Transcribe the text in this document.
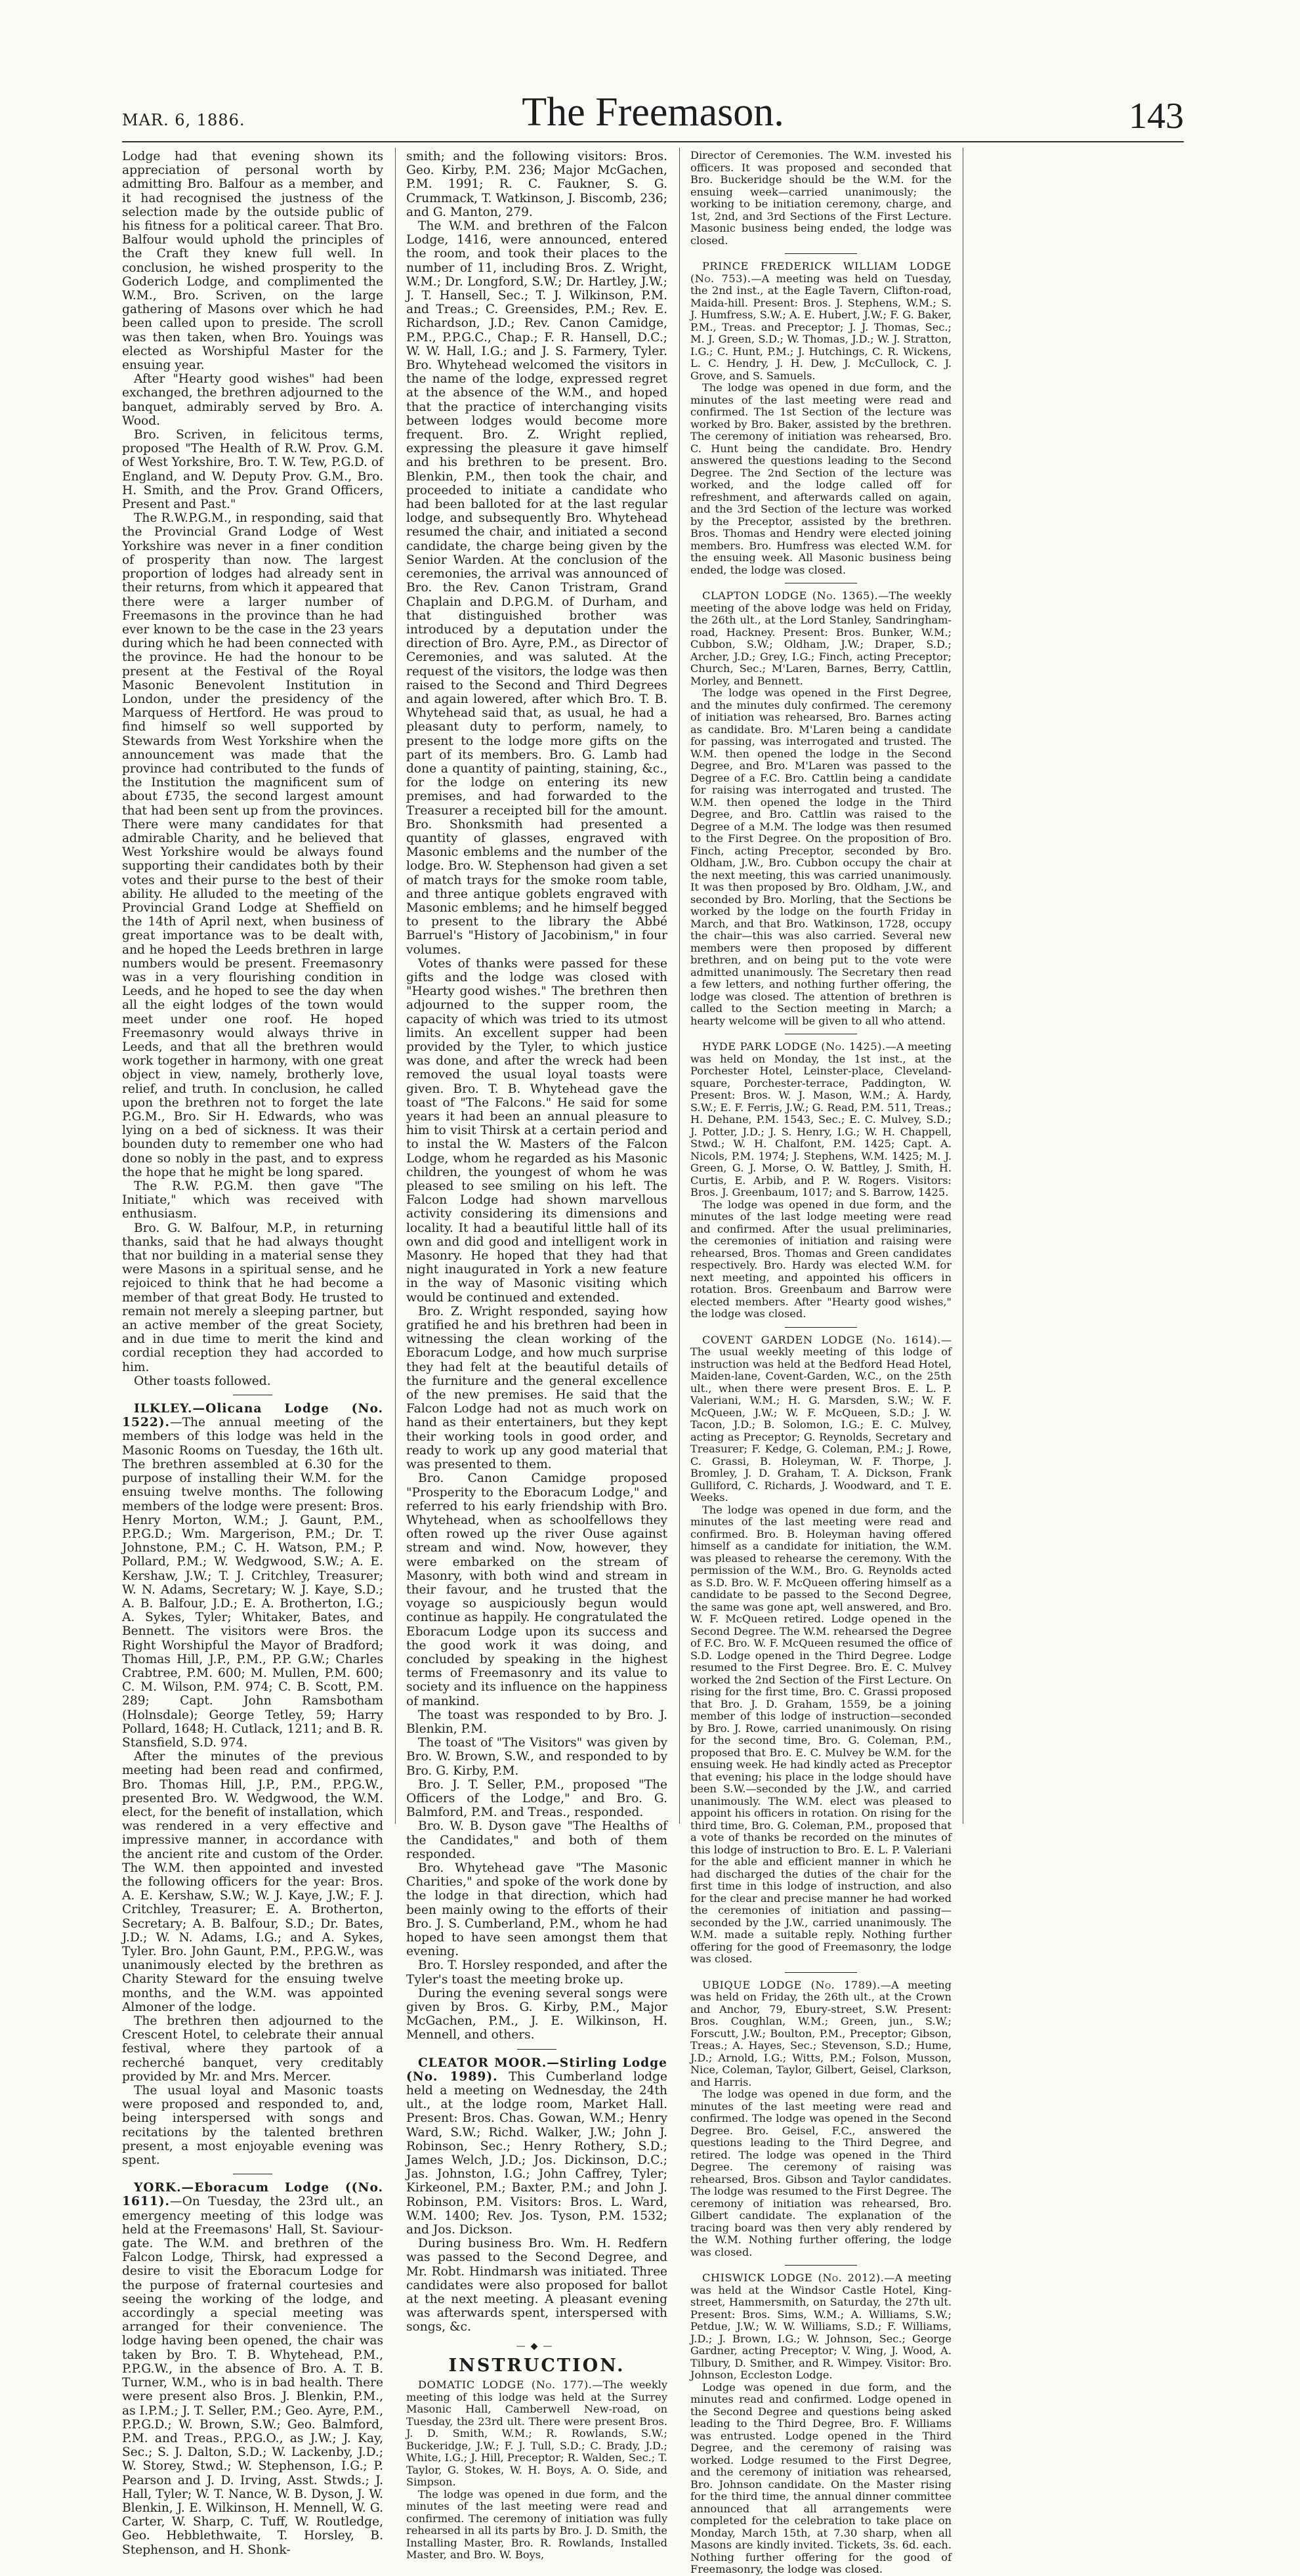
MAR. 6, 1886.	The Freemason.	143

Lodge had that evening shown its appreciation of personal worth by admitting Bro. Balfour as a member, and it had recognised the justness of the selection made by the outside public of his fitness for a political career. That Bro. Balfour would uphold the principles of the Craft they knew full well. In conclusion, he wished prosperity to the Goderich Lodge, and complimented the W.M., Bro. Scriven, on the large gathering of Masons over which he had been called upon to preside. The scroll was then taken, when Bro. Youings was elected as Worshipful Master for the ensuing year.

After "Hearty good wishes" had been exchanged, the brethren adjourned to the banquet, admirably served by Bro. A. Wood.

Bro. Scriven, in felicitous terms, proposed "The Health of R.W. Prov. G.M. of West Yorkshire, Bro. T. W. Tew, P.G.D. of England, and W. Deputy Prov. G.M., Bro. H. Smith, and the Prov. Grand Officers, Present and Past."

The R.W.P.G.M., in responding, said that the Provincial Grand Lodge of West Yorkshire was never in a finer condition of prosperity than now. The largest proportion of lodges had already sent in their returns, from which it appeared that there were a larger number of Freemasons in the province than he had ever known to be the case in the 23 years during which he had been connected with the province. He had the honour to be present at the Festival of the Royal Masonic Benevolent Institution in London, under the presidency of the Marquess of Hertford. He was proud to find himself so well supported by Stewards from West Yorkshire when the announcement was made that the province had contributed to the funds of the Institution the magnificent sum of about £735, the second largest amount that had been sent up from the provinces. There were many candidates for that admirable Charity, and he believed that West Yorkshire would be always found supporting their candidates both by their votes and their purse to the best of their ability. He alluded to the meeting of the Provincial Grand Lodge at Sheffield on the 14th of April next, when business of great importance was to be dealt with, and he hoped the Leeds brethren in large numbers would be present. Freemasonry was in a very flourishing condition in Leeds, and he hoped to see the day when all the eight lodges of the town would meet under one roof. He hoped Freemasonry would always thrive in Leeds, and that all the brethren would work together in harmony, with one great object in view, namely, brotherly love, relief, and truth. In conclusion, he called upon the brethren not to forget the late P.G.M., Bro. Sir H. Edwards, who was lying on a bed of sickness. It was their bounden duty to remember one who had done so nobly in the past, and to express the hope that he might be long spared.

The R.W. P.G.M. then gave "The Initiate," which was received with enthusiasm.

Bro. G. W. Balfour, M.P., in returning thanks, said that he had always thought that nor building in a material sense they were Masons in a spiritual sense, and he rejoiced to think that he had become a member of that great Body. He trusted to remain not merely a sleeping partner, but an active member of the great Society, and in due time to merit the kind and cordial reception they had accorded to him.

Other toasts followed.

ILKLEY.—Olicana Lodge (No. 1522).—The annual meeting of the members of this lodge was held in the Masonic Rooms on Tuesday, the 16th ult. The brethren assembled at 6.30 for the purpose of installing their W.M. for the ensuing twelve months. The following members of the lodge were present: Bros. Henry Morton, W.M.; J. Gaunt, P.M., P.P.G.D.; Wm. Margerison, P.M.; Dr. T. Johnstone, P.M.; C. H. Watson, P.M.; P. Pollard, P.M.; W. Wedgwood, S.W.; A. E. Kershaw, J.W.; T. J. Critchley, Treasurer; W. N. Adams, Secretary; W. J. Kaye, S.D.; A. B. Balfour, J.D.; E. A. Brotherton, I.G.; A. Sykes, Tyler; Whitaker, Bates, and Bennett. The visitors were Bros. the Right Worshipful the Mayor of Bradford; Thomas Hill, J.P., P.M., P.P. G.W.; Charles Crabtree, P.M. 600; M. Mullen, P.M. 600; C. M. Wilson, P.M. 974; C. B. Scott, P.M. 289; Capt. John Ramsbotham (Holnsdale); George Tetley, 59; Harry Pollard, 1648; H. Cutlack, 1211; and B. R. Stansfield, S.D. 974.

After the minutes of the previous meeting had been read and confirmed, Bro. Thomas Hill, J.P., P.M., P.P.G.W., presented Bro. W. Wedgwood, the W.M. elect, for the benefit of installation, which was rendered in a very effective and impressive manner, in accordance with the ancient rite and custom of the Order. The W.M. then appointed and invested the following officers for the year: Bros. A. E. Kershaw, S.W.; W. J. Kaye, J.W.; F. J. Critchley, Treasurer; E. A. Brotherton, Secretary; A. B. Balfour, S.D.; Dr. Bates, J.D.; W. N. Adams, I.G.; and A. Sykes, Tyler. Bro. John Gaunt, P.M., P.P.G.W., was unanimously elected by the brethren as Charity Steward for the ensuing twelve months, and the W.M. was appointed Almoner of the lodge.

The brethren then adjourned to the Crescent Hotel, to celebrate their annual festival, where they partook of a recherché banquet, very creditably provided by Mr. and Mrs. Mercer.

The usual loyal and Masonic toasts were proposed and responded to, and, being interspersed with songs and recitations by the talented brethren present, a most enjoyable evening was spent.

YORK.—Eboracum Lodge ((No. 1611).—On Tuesday, the 23rd ult., an emergency meeting of this lodge was held at the Freemasons' Hall, St. Saviour-gate. The W.M. and brethren of the Falcon Lodge, Thirsk, had expressed a desire to visit the Eboracum Lodge for the purpose of fraternal courtesies and seeing the working of the lodge, and accordingly a special meeting was arranged for their convenience. The lodge having been opened, the chair was taken by Bro. T. B. Whytehead, P.M., P.P.G.W., in the absence of Bro. A. T. B. Turner, W.M., who is in bad health. There were present also Bros. J. Blenkin, P.M., as I.P.M.; J. T. Seller, P.M.; Geo. Ayre, P.M., P.P.G.D.; W. Brown, S.W.; Geo. Balmford, P.M. and Treas., P.P.G.O., as J.W.; J. Kay, Sec.; S. J. Dalton, S.D.; W. Lackenby, J.D.; W. Storey, Stwd.; W. Stephenson, I.G.; P. Pearson and J. D. Irving, Asst. Stwds.; J. Hall, Tyler; W. T. Nance, W. B. Dyson, J. W. Blenkin, J. E. Wilkinson, H. Mennell, W. G. Carter, W. Sharp, C. Tuff, W. Routledge, Geo. Hebblethwaite, T. Horsley, B. Stephenson, and H. Shonk-

smith; and the following visitors: Bros. Geo. Kirby, P.M. 236; Major McGachen, P.M. 1991; R. C. Faukner, S. G. Crummack, T. Watkinson, J. Biscomb, 236; and G. Manton, 279.

The W.M. and brethren of the Falcon Lodge, 1416, were announced, entered the room, and took their places to the number of 11, including Bros. Z. Wright, W.M.; Dr. Longford, S.W.; Dr. Hartley, J.W.; J. T. Hansell, Sec.; T. J. Wilkinson, P.M. and Treas.; C. Greensides, P.M.; Rev. E. Richardson, J.D.; Rev. Canon Camidge, P.M., P.P.G.C., Chap.; F. R. Hansell, D.C.; W. W. Hall, I.G.; and J. S. Farmery, Tyler. Bro. Whytehead welcomed the visitors in the name of the lodge, expressed regret at the absence of the W.M., and hoped that the practice of interchanging visits between lodges would become more frequent. Bro. Z. Wright replied, expressing the pleasure it gave himself and his brethren to be present. Bro. Blenkin, P.M., then took the chair, and proceeded to initiate a candidate who had been balloted for at the last regular lodge, and subsequently Bro. Whytehead resumed the chair, and initiated a second candidate, the charge being given by the Senior Warden. At the conclusion of the ceremonies, the arrival was announced of Bro. the Rev. Canon Tristram, Grand Chaplain and D.P.G.M. of Durham, and that distinguished brother was introduced by a deputation under the direction of Bro. Ayre, P.M., as Director of Ceremonies, and was saluted. At the request of the visitors, the lodge was then raised to the Second and Third Degrees and again lowered, after which Bro. T. B. Whytehead said that, as usual, he had a pleasant duty to perform, namely, to present to the lodge more gifts on the part of its members. Bro. G. Lamb had done a quantity of painting, staining, &c., for the lodge on entering its new premises, and had forwarded to the Treasurer a receipted bill for the amount. Bro. Shonksmith had presented a quantity of glasses, engraved with Masonic emblems and the number of the lodge. Bro. W. Stephenson had given a set of match trays for the smoke room table, and three antique goblets engraved with Masonic emblems; and he himself begged to present to the library the Abbé Barruel's "History of Jacobinism," in four volumes.

Votes of thanks were passed for these gifts and the lodge was closed with "Hearty good wishes." The brethren then adjourned to the supper room, the capacity of which was tried to its utmost limits. An excellent supper had been provided by the Tyler, to which justice was done, and after the wreck had been removed the usual loyal toasts were given. Bro. T. B. Whytehead gave the toast of "The Falcons." He said for some years it had been an annual pleasure to him to visit Thirsk at a certain period and to instal the W. Masters of the Falcon Lodge, whom he regarded as his Masonic children, the youngest of whom he was pleased to see smiling on his left. The Falcon Lodge had shown marvellous activity considering its dimensions and locality. It had a beautiful little hall of its own and did good and intelligent work in Masonry. He hoped that they had that night inaugurated in York a new feature in the way of Masonic visiting which would be continued and extended.

Bro. Z. Wright responded, saying how gratified he and his brethren had been in witnessing the clean working of the Eboracum Lodge, and how much surprise they had felt at the beautiful details of the furniture and the general excellence of the new premises. He said that the Falcon Lodge had not as much work on hand as their entertainers, but they kept their working tools in good order, and ready to work up any good material that was presented to them.

Bro. Canon Camidge proposed "Prosperity to the Eboracum Lodge," and referred to his early friendship with Bro. Whytehead, when as schoolfellows they often rowed up the river Ouse against stream and wind. Now, however, they were embarked on the stream of Masonry, with both wind and stream in their favour, and he trusted that the voyage so auspiciously begun would continue as happily. He congratulated the Eboracum Lodge upon its success and the good work it was doing, and concluded by speaking in the highest terms of Freemasonry and its value to society and its influence on the happiness of mankind.

The toast was responded to by Bro. J. Blenkin, P.M.

The toast of "The Visitors" was given by Bro. W. Brown, S.W., and responded to by Bro. G. Kirby, P.M.

Bro. J. T. Seller, P.M., proposed "The Officers of the Lodge," and Bro. G. Balmford, P.M. and Treas., responded.

Bro. W. B. Dyson gave "The Healths of the Candidates," and both of them responded.

Bro. Whytehead gave "The Masonic Charities," and spoke of the work done by the lodge in that direction, which had been mainly owing to the efforts of their Bro. J. S. Cumberland, P.M., whom he had hoped to have seen amongst them that evening.

Bro. T. Horsley responded, and after the Tyler's toast the meeting broke up.

During the evening several songs were given by Bros. G. Kirby, P.M., Major McGachen, P.M., J. E. Wilkinson, H. Mennell, and others.

CLEATOR MOOR.—Stirling Lodge (No. 1989). This Cumberland lodge held a meeting on Wednesday, the 24th ult., at the lodge room, Market Hall. Present: Bros. Chas. Gowan, W.M.; Henry Ward, S.W.; Richd. Walker, J.W.; John J. Robinson, Sec.; Henry Rothery, S.D.; James Welch, J.D.; Jos. Dickinson, D.C.; Jas. Johnston, I.G.; John Caffrey, Tyler; Kirkeonel, P.M.; Baxter, P.M.; and John J. Robinson, P.M. Visitors: Bros. L. Ward, W.M. 1400; Rev. Jos. Tyson, P.M. 1532; and Jos. Dickson.

During business Bro. Wm. H. Redfern was passed to the Second Degree, and Mr. Robt. Hindmarsh was initiated. Three candidates were also proposed for ballot at the next meeting. A pleasant evening was afterwards spent, interspersed with songs, &c.

—◆—
INSTRUCTION.

DOMATIC LODGE (No. 177).—The weekly meeting of this lodge was held at the Surrey Masonic Hall, Camberwell New-road, on Tuesday, the 23rd ult. There were present Bros. J. D. Smith, W.M.; R. Rowlands, S.W.; Buckeridge, J.W.; F. J. Tull, S.D.; C. Brady, J.D.; White, I.G.; J. Hill, Preceptor; R. Walden, Sec.; T. Taylor, G. Stokes, W. H. Boys, A. O. Side, and Simpson.

The lodge was opened in due form, and the minutes of the last meeting were read and confirmed. The ceremony of initiation was fully rehearsed in all its parts by Bro. J. D. Smith, the Installing Master, Bro. R. Rowlands, Installed Master, and Bro. W. Boys,

Director of Ceremonies. The W.M. invested his officers. It was proposed and seconded that Bro. Buckeridge should be the W.M. for the ensuing week—carried unanimously; the working to be initiation ceremony, charge, and 1st, 2nd, and 3rd Sections of the First Lecture. Masonic business being ended, the lodge was closed.

PRINCE FREDERICK WILLIAM LODGE (No. 753).—A meeting was held on Tuesday, the 2nd inst., at the Eagle Tavern, Clifton-road, Maida-hill. Present: Bros. J. Stephens, W.M.; S. J. Humfress, S.W.; A. E. Hubert, J.W.; F. G. Baker, P.M., Treas. and Preceptor; J. J. Thomas, Sec.; M. J. Green, S.D.; W. Thomas, J.D.; W. J. Stratton, I.G.; C. Hunt, P.M.; J. Hutchings, C. R. Wickens, L. C. Hendry, J. H. Dew, J. McCullock, C. J. Grove, and S. Samuels.

The lodge was opened in due form, and the minutes of the last meeting were read and confirmed. The 1st Section of the lecture was worked by Bro. Baker, assisted by the brethren. The ceremony of initiation was rehearsed, Bro. C. Hunt being the candidate. Bro. Hendry answered the questions leading to the Second Degree. The 2nd Section of the lecture was worked, and the lodge called off for refreshment, and afterwards called on again, and the 3rd Section of the lecture was worked by the Preceptor, assisted by the brethren. Bros. Thomas and Hendry were elected joining members. Bro. Humfress was elected W.M. for the ensuing week. All Masonic business being ended, the lodge was closed.

CLAPTON LODGE (No. 1365).—The weekly meeting of the above lodge was held on Friday, the 26th ult., at the Lord Stanley, Sandringham-road, Hackney. Present: Bros. Bunker, W.M.; Cubbon, S.W.; Oldham, J.W.; Draper, S.D.; Archer, J.D.; Grey, I.G.; Finch, acting Preceptor; Church, Sec.; M'Laren, Barnes, Berry, Cattlin, Morley, and Bennett.

The lodge was opened in the First Degree, and the minutes duly confirmed. The ceremony of initiation was rehearsed, Bro. Barnes acting as candidate. Bro. M'Laren being a candidate for passing, was interrogated and trusted. The W.M. then opened the lodge in the Second Degree, and Bro. M'Laren was passed to the Degree of a F.C. Bro. Cattlin being a candidate for raising was interrogated and trusted. The W.M. then opened the lodge in the Third Degree, and Bro. Cattlin was raised to the Degree of a M.M. The lodge was then resumed to the First Degree. On the proposition of Bro. Finch, acting Preceptor, seconded by Bro. Oldham, J.W., Bro. Cubbon occupy the chair at the next meeting, this was carried unanimously. It was then proposed by Bro. Oldham, J.W., and seconded by Bro. Morling, that the Sections be worked by the lodge on the fourth Friday in March, and that Bro. Watkinson, 1728, occupy the chair—this was also carried. Several new members were then proposed by different brethren, and on being put to the vote were admitted unanimously. The Secretary then read a few letters, and nothing further offering, the lodge was closed. The attention of brethren is called to the Section meeting in March; a hearty welcome will be given to all who attend.

HYDE PARK LODGE (No. 1425).—A meeting was held on Monday, the 1st inst., at the Porchester Hotel, Leinster-place, Cleveland-square, Porchester-terrace, Paddington, W. Present: Bros. W. J. Mason, W.M.; A. Hardy, S.W.; E. F. Ferris, J.W.; G. Read, P.M. 511, Treas.; H. Dehane, P.M. 1543, Sec.; E. C. Mulvey, S.D.; J. Potter, J.D.; J. S. Henry, I.G.; W. H. Chappell, Stwd.; W. H. Chalfont, P.M. 1425; Capt. A. Nicols, P.M. 1974; J. Stephens, W.M. 1425; M. J. Green, G. J. Morse, O. W. Battley, J. Smith, H. Curtis, E. Arbib, and P. W. Rogers. Visitors: Bros. J. Greenbaum, 1017; and S. Barrow, 1425.

The lodge was opened in due form, and the minutes of the last lodge meeting were read and confirmed. After the usual preliminaries, the ceremonies of initiation and raising were rehearsed, Bros. Thomas and Green candidates respectively. Bro. Hardy was elected W.M. for next meeting, and appointed his officers in rotation. Bros. Greenbaum and Barrow were elected members. After "Hearty good wishes," the lodge was closed.

COVENT GARDEN LODGE (No. 1614).—The usual weekly meeting of this lodge of instruction was held at the Bedford Head Hotel, Maiden-lane, Covent-Garden, W.C., on the 25th ult., when there were present Bros. E. L. P. Valeriani, W.M.; H. G. Marsden, S.W.; W. F. McQueen, J.W.; W. F. McQueen, S.D.; J. W. Tacon, J.D.; B. Solomon, I.G.; E. C. Mulvey, acting as Preceptor; G. Reynolds, Secretary and Treasurer; F. Kedge, G. Coleman, P.M.; J. Rowe, C. Grassi, B. Holeyman, W. F. Thorpe, J. Bromley, J. D. Graham, T. A. Dickson, Frank Gulliford, C. Richards, J. Woodward, and T. E. Weeks.

The lodge was opened in due form, and the minutes of the last meeting were read and confirmed. Bro. B. Holeyman having offered himself as a candidate for initiation, the W.M. was pleased to rehearse the ceremony. With the permission of the W.M., Bro. G. Reynolds acted as S.D. Bro. W. F. McQueen offering himself as a candidate to be passed to the Second Degree, the same was gone apt, well answered, and Bro. W. F. McQueen retired. Lodge opened in the Second Degree. The W.M. rehearsed the Degree of F.C. Bro. W. F. McQueen resumed the office of S.D. Lodge opened in the Third Degree. Lodge resumed to the First Degree. Bro. E. C. Mulvey worked the 2nd Section of the First Lecture. On rising for the first time, Bro. C. Grassi proposed that Bro. J. D. Graham, 1559, be a joining member of this lodge of instruction—seconded by Bro. J. Rowe, carried unanimously. On rising for the second time, Bro. G. Coleman, P.M., proposed that Bro. E. C. Mulvey be W.M. for the ensuing week. He had kindly acted as Preceptor that evening; his place in the lodge should have been S.W.—seconded by the J.W., and carried unanimously. The W.M. elect was pleased to appoint his officers in rotation. On rising for the third time, Bro. G. Coleman, P.M., proposed that a vote of thanks be recorded on the minutes of this lodge of instruction to Bro. E. L. P. Valeriani for the able and efficient manner in which he had discharged the duties of the chair for the first time in this lodge of instruction, and also for the clear and precise manner he had worked the ceremonies of initiation and passing—seconded by the J.W., carried unanimously. The W.M. made a suitable reply. Nothing further offering for the good of Freemasonry, the lodge was closed.

UBIQUE LODGE (No. 1789).—A meeting was held on Friday, the 26th ult., at the Crown and Anchor, 79, Ebury-street, S.W. Present: Bros. Coughlan, W.M.; Green, jun., S.W.; Forscutt, J.W.; Boulton, P.M., Preceptor; Gibson, Treas.; A. Hayes, Sec.; Stevenson, S.D.; Hume, J.D.; Arnold, I.G.; Witts, P.M.; Folson, Musson, Nice, Coleman, Taylor, Gilbert, Geisel, Clarkson, and Harris.

The lodge was opened in due form, and the minutes of the last meeting were read and confirmed. The lodge was opened in the Second Degree. Bro. Geisel, F.C., answered the questions leading to the Third Degree, and retired. The lodge was opened in the Third Degree. The ceremony of raising was rehearsed, Bros. Gibson and Taylor candidates. The lodge was resumed to the First Degree. The ceremony of initiation was rehearsed, Bro. Gilbert candidate. The explanation of the tracing board was then very ably rendered by the W.M. Nothing further offering, the lodge was closed.

CHISWICK LODGE (No. 2012).—A meeting was held at the Windsor Castle Hotel, King-street, Hammersmith, on Saturday, the 27th ult. Present: Bros. Sims, W.M.; A. Williams, S.W.; Petdue, J.W.; W. W. Williams, S.D.; F. Williams, J.D.; J. Brown, I.G.; W. Johnson, Sec.; George Gardner, acting Preceptor; V. Wing, J. Wood, A. Tilbury, D. Smither, and R. Wimpey. Visitor: Bro. Johnson, Eccleston Lodge.

Lodge was opened in due form, and the minutes read and confirmed. Lodge opened in the Second Degree and questions being asked leading to the Third Degree, Bro. F. Williams was entrusted. Lodge opened in the Third Degree, and the ceremony of raising was worked. Lodge resumed to the First Degree, and the ceremony of initiation was rehearsed, Bro. Johnson candidate. On the Master rising for the third time, the annual dinner committee announced that all arrangements were completed for the celebration to take place on Monday, March 15th, at 7.30 sharp, when all Masons are kindly invited. Tickets, 3s. 6d. each. Nothing further offering for the good of Freemasonry, the lodge was closed.
